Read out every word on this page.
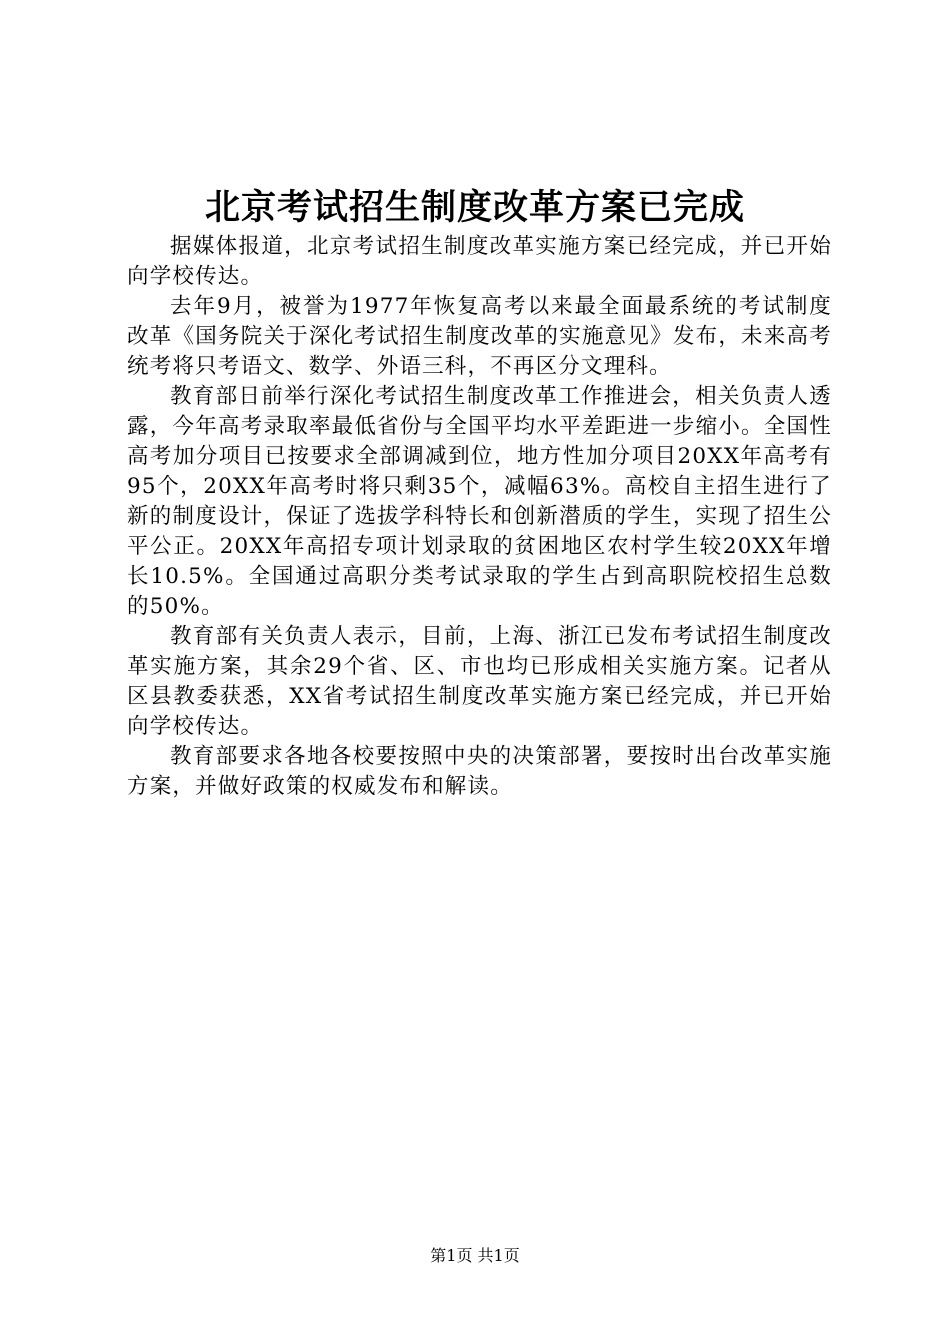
北京考试招生制度改革方案已完成

据媒体报道，北京考试招生制度改革实施方案已经完成，并已开始向学校传达。

去年9月，被誉为1977年恢复高考以来最全面最系统的考试制度改革《国务院关于深化考试招生制度改革的实施意见》发布，未来高考统考将只考语文、数学、外语三科，不再区分文理科。

教育部日前举行深化考试招生制度改革工作推进会，相关负责人透露，今年高考录取率最低省份与全国平均水平差距进一步缩小。全国性高考加分项目已按要求全部调减到位，地方性加分项目20XX年高考有95个，20XX年高考时将只剩35个，减幅63%。高校自主招生进行了新的制度设计，保证了选拔学科特长和创新潜质的学生，实现了招生公平公正。20XX年高招专项计划录取的贫困地区农村学生较20XX年增长10.5%。全国通过高职分类考试录取的学生占到高职院校招生总数的50%。

教育部有关负责人表示，目前，上海、浙江已发布考试招生制度改革实施方案，其余29个省、区、市也均已形成相关实施方案。记者从区县教委获悉，XX省考试招生制度改革实施方案已经完成，并已开始向学校传达。

教育部要求各地各校要按照中央的决策部署，要按时出台改革实施方案，并做好政策的权威发布和解读。

第1页 共1页
